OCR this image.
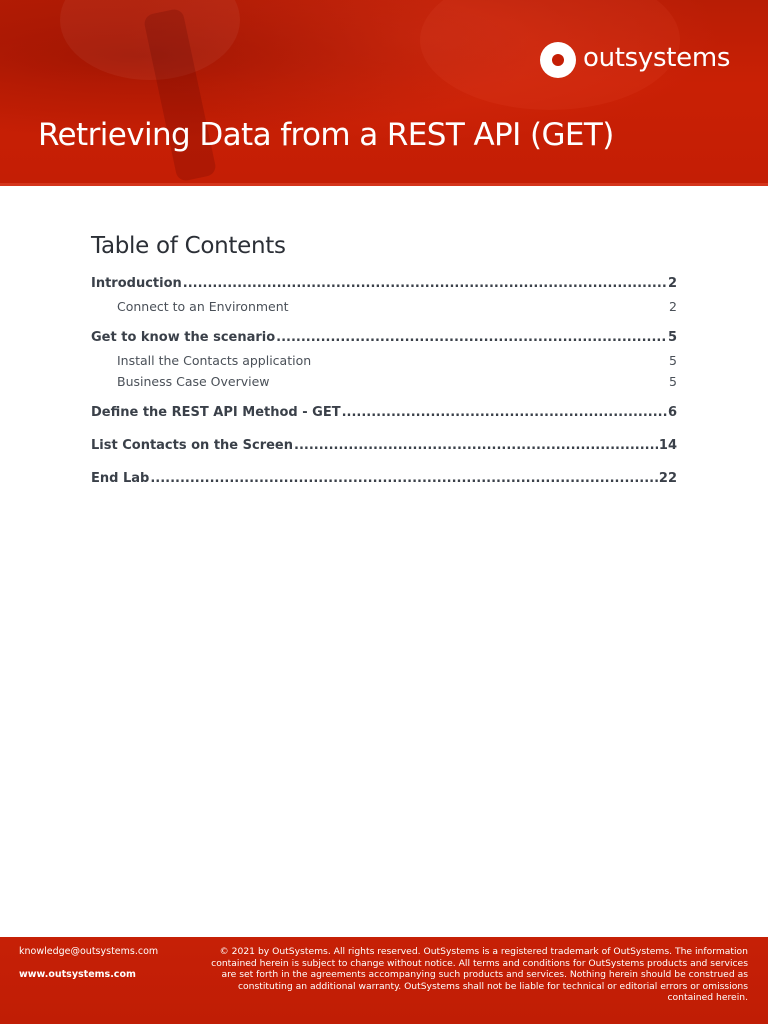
outsystems
Retrieving Data from a REST API (GET)
Table of Contents
Introduction .....	2
Connect to an Environment	2
Get to know the scenario .....	5
Install the Contacts application	5
Business Case Overview	5
Define the REST API Method - GET .....	6
List Contacts on the Screen .....	14
End Lab .....	22
knowledge@outsystems.com
www.outsystems.com

© 2021 by OutSystems. All rights reserved. OutSystems is a registered trademark of OutSystems. The information contained herein is subject to change without notice. All terms and conditions for OutSystems products and services are set forth in the agreements accompanying such products and services. Nothing herein should be construed as constituting an additional warranty. OutSystems shall not be liable for technical or editorial errors or omissions contained herein.
